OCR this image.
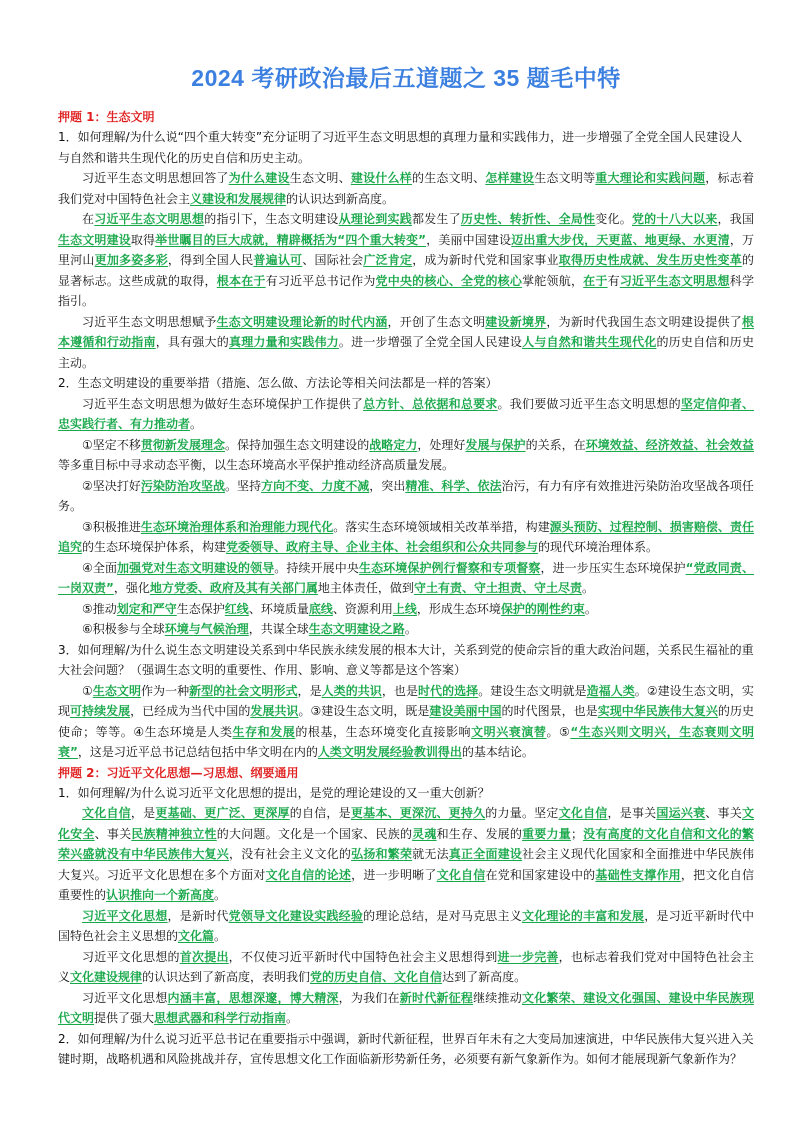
2024 考研政治最后五道题之 35 题毛中特
押题 1：生态文明
1．如何理解/为什么说“四个重大转变”充分证明了习近平生态文明思想的真理力量和实践伟力，进一步增强了全党全国人民建设人与自然和谐共生现代化的历史自信和历史主动。
习近平生态文明思想回答了为什么建设生态文明、建设什么样的生态文明、怎样建设生态文明等重大理论和实践问题，标志着我们党对中国特色社会主义建设和发展规律的认识达到新高度。
在习近平生态文明思想的指引下，生态文明建设从理论到实践都发生了历史性、转折性、全局性变化。党的十八大以来，我国生态文明建设取得举世瞩目的巨大成就，精辟概括为“四个重大转变”，美丽中国建设迈出重大步伐，天更蓝、地更绿、水更清，万里河山更加多姿多彩，得到全国人民普遍认可、国际社会广泛肯定，成为新时代党和国家事业取得历史性成就、发生历史性变革的显著标志。这些成就的取得，根本在于有习近平总书记作为党中央的核心、全党的核心掌舵领航，在于有习近平生态文明思想科学指引。
习近平生态文明思想赋予生态文明建设理论新的时代内涵，开创了生态文明建设新境界，为新时代我国生态文明建设提供了根本遵循和行动指南，具有强大的真理力量和实践伟力。进一步增强了全党全国人民建设人与自然和谐共生现代化的历史自信和历史主动。
2．生态文明建设的重要举措（措施、怎么做、方法论等相关问法都是一样的答案）
习近平生态文明思想为做好生态环境保护工作提供了总方针、总依据和总要求。我们要做习近平生态文明思想的坚定信仰者、忠实践行者、有力推动者。
①坚定不移贯彻新发展理念。保持加强生态文明建设的战略定力，处理好发展与保护的关系，在环境效益、经济效益、社会效益等多重目标中寻求动态平衡，以生态环境高水平保护推动经济高质量发展。
②坚决打好污染防治攻坚战。坚持方向不变、力度不减，突出精准、科学、依法治污，有力有序有效推进污染防治攻坚战各项任务。
③积极推进生态环境治理体系和治理能力现代化。落实生态环境领域相关改革举措，构建源头预防、过程控制、损害赔偿、责任追究的生态环境保护体系，构建党委领导、政府主导、企业主体、社会组织和公众共同参与的现代环境治理体系。
④全面加强党对生态文明建设的领导。持续开展中央生态环境保护例行督察和专项督察，进一步压实生态环境保护“党政同责、一岗双责”，强化地方党委、政府及其有关部门属地主体责任，做到守土有责、守土担责、守土尽责。
⑤推动划定和严守生态保护红线、环境质量底线、资源利用上线，形成生态环境保护的刚性约束。
⑥积极参与全球环境与气候治理，共谋全球生态文明建设之路。
3．如何理解/为什么说生态文明建设关系到中华民族永续发展的根本大计，关系到党的使命宗旨的重大政治问题，关系民生福祉的重大社会问题？（强调生态文明的重要性、作用、影响、意义等都是这个答案）
①生态文明作为一种新型的社会文明形式，是人类的共识，也是时代的选择。建设生态文明就是造福人类。②建设生态文明，实现可持续发展，已经成为当代中国的发展共识。③建设生态文明，既是建设美丽中国的时代图景，也是实现中华民族伟大复兴的历史使命；等等。④生态环境是人类生存和发展的根基，生态环境变化直接影响文明兴衰演替。⑤“生态兴则文明兴，生态衰则文明衰”，这是习近平总书记总结包括中华文明在内的人类文明发展经验教训得出的基本结论。
押题 2：习近平文化思想—习思想、纲要通用
1．如何理解/为什么说习近平文化思想的提出，是党的理论建设的又一重大创新？
文化自信，是更基础、更广泛、更深厚的自信，是更基本、更深沉、更持久的力量。坚定文化自信，是事关国运兴衰、事关文化安全、事关民族精神独立性的大问题。文化是一个国家、民族的灵魂和生存、发展的重要力量；没有高度的文化自信和文化的繁荣兴盛就没有中华民族伟大复兴，没有社会主义文化的弘扬和繁荣就无法真正全面建设社会主义现代化国家和全面推进中华民族伟大复兴。习近平文化思想在多个方面对文化自信的论述，进一步明晰了文化自信在党和国家建设中的基础性支撑作用，把文化自信重要性的认识推向一个新高度。
习近平文化思想，是新时代党领导文化建设实践经验的理论总结，是对马克思主义文化理论的丰富和发展，是习近平新时代中国特色社会主义思想的文化篇。
习近平文化思想的首次提出，不仅使习近平新时代中国特色社会主义思想得到进一步完善，也标志着我们党对中国特色社会主义文化建设规律的认识达到了新高度，表明我们党的历史自信、文化自信达到了新高度。
习近平文化思想内涵丰富，思想深邃，博大精深，为我们在新时代新征程继续推动文化繁荣、建设文化强国、建设中华民族现代文明提供了强大思想武器和科学行动指南。
2．如何理解/为什么说习近平总书记在重要指示中强调，新时代新征程，世界百年未有之大变局加速演进，中华民族伟大复兴进入关键时期，战略机遇和风险挑战并存，宣传思想文化工作面临新形势新任务，必须要有新气象新作为。如何才能展现新气象新作为？
